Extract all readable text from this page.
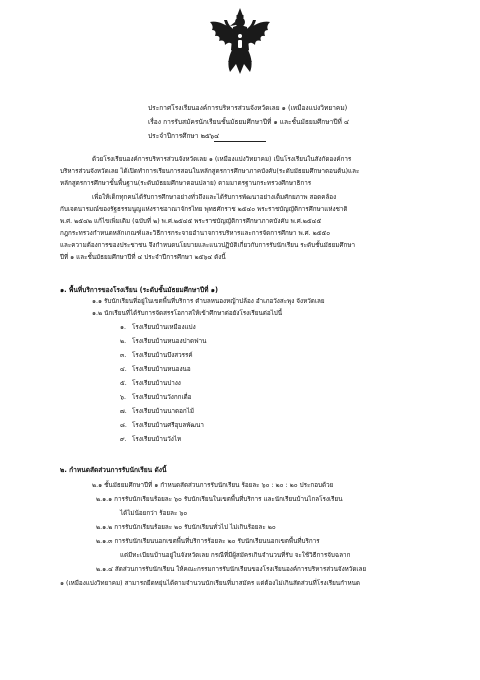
ประกาศโรงเรียนองค์การบริหารส่วนจังหวัดเลย ๑ (เหมืองแบ่งวิทยาคม)
เรื่อง การรับสมัครนักเรียนชั้นมัธยมศึกษาปีที่ ๑ และชั้นมัธยมศึกษาปีที่ ๔
ประจำปีการศึกษา ๒๕๖๔
ด้วยโรงเรียนองค์การบริหารส่วนจังหวัดเลย ๑ (เหมืองแบ่งวิทยาคม) เป็นโรงเรียนในสังกัดองค์การ
บริหารส่วนจังหวัดเลย ได้เปิดทำการเรียนการสอนในหลักสูตรการศึกษาภาคบังคับ(ระดับมัธยมศึกษาตอนต้น)และ
หลักสูตรการศึกษาขั้นพื้นฐาน(ระดับมัธยมศึกษาตอนปลาย) ตามมาตรฐานกระทรวงศึกษาธิการ
เพื่อให้เด็กทุกคนได้รับการศึกษาอย่างทั่วถึงและได้รับการพัฒนาอย่างเต็มศักยภาพ สอดคล้อง
กับเจตนารมณ์ของรัฐธรรมนูญแห่งราชอาณาจักรไทย พุทธศักราช ๒๕๔๐ พระราชบัญญัติการศึกษาแห่งชาติ
พ.ศ. ๒๕๔๒ แก้ไขเพิ่มเติม (ฉบับที่ ๒) พ.ศ.๒๕๔๕ พระราชบัญญัติการศึกษาภาคบังคับ พ.ศ.๒๕๔๕
กฎกระทรวงกำหนดหลักเกณฑ์และวิธีการกระจายอำนาจการบริหารและการจัดการศึกษา พ.ศ. ๒๕๕๐
และความต้องการของประชาชน จึงกำหนดนโยบายและแนวปฏิบัติเกี่ยวกับการรับนักเรียน ระดับชั้นมัธยมศึกษา
ปีที่ ๑ และชั้นมัธยมศึกษาปีที่ ๔ ประจำปีการศึกษา ๒๕๖๔ ดังนี้
๑. พื้นที่บริการของโรงเรียน (ระดับชั้นมัธยมศึกษาปีที่ ๑)
๑.๑ รับนักเรียนที่อยู่ในเขตพื้นที่บริการ ตำบลหนองหญ้าปล้อง อำเภอวังสะพุง จังหวัดเลย
๑.๒ นักเรียนที่ได้รับการจัดสรรโอกาสให้เข้าศึกษาต่อยังโรงเรียนต่อไปนี้
๑. โรงเรียนบ้านเหมืองแบ่ง
๒. โรงเรียนบ้านหนองปาดฟาน
๓. โรงเรียนบ้านบึงสวรรค์
๔. โรงเรียนบ้านหนองนอ
๕. โรงเรียนบ้านปางง
๖. โรงเรียนบ้านวังกกเดื่อ
๗. โรงเรียนบ้านนาดอกไม้
๘. โรงเรียนบ้านศรีอุบลพัฒนา
๙. โรงเรียนบ้านวังไห
๒. กำหนดสัดส่วนการรับนักเรียน ดังนี้
๒.๑ ชั้นมัธยมศึกษาปีที่ ๑ กำหนดสัดส่วนการรับนักเรียน ร้อยละ ๖๐ : ๒๐ : ๒๐ ประกอบด้วย
๒.๑.๑ การรับนักเรียนร้อยละ ๖๐ รับนักเรียนในเขตพื้นที่บริการ และนักเรียนบ้านไกลโรงเรียน
ได้ไม่น้อยกว่า ร้อยละ ๖๐
๒.๑.๒ การรับนักเรียนร้อยละ ๒๐ รับนักเรียนทั่วไป ไม่เกินร้อยละ ๒๐
๒.๑.๓ การรับนักเรียนนอกเขตพื้นที่บริการร้อยละ ๒๐ รับนักเรียนนอกเขตพื้นที่บริการ
แต่มีทะเบียนบ้านอยู่ในจังหวัดเลย กรณีที่มีผู้สมัครเกินจำนวนที่รับ จะใช้วิธีการจับฉลาก
๒.๑.๔ สัดส่วนการรับนักเรียน ให้คณะกรรมการรับนักเรียนของโรงเรียนองค์การบริหารส่วนจังหวัดเลย
๑ (เหมืองแบ่งวิทยาคม) สามารถยืดหยุ่นได้ตามจำนวนนักเรียนที่มาสมัคร แต่ต้องไม่เกินสัดส่วนที่โรงเรียนกำหนด
